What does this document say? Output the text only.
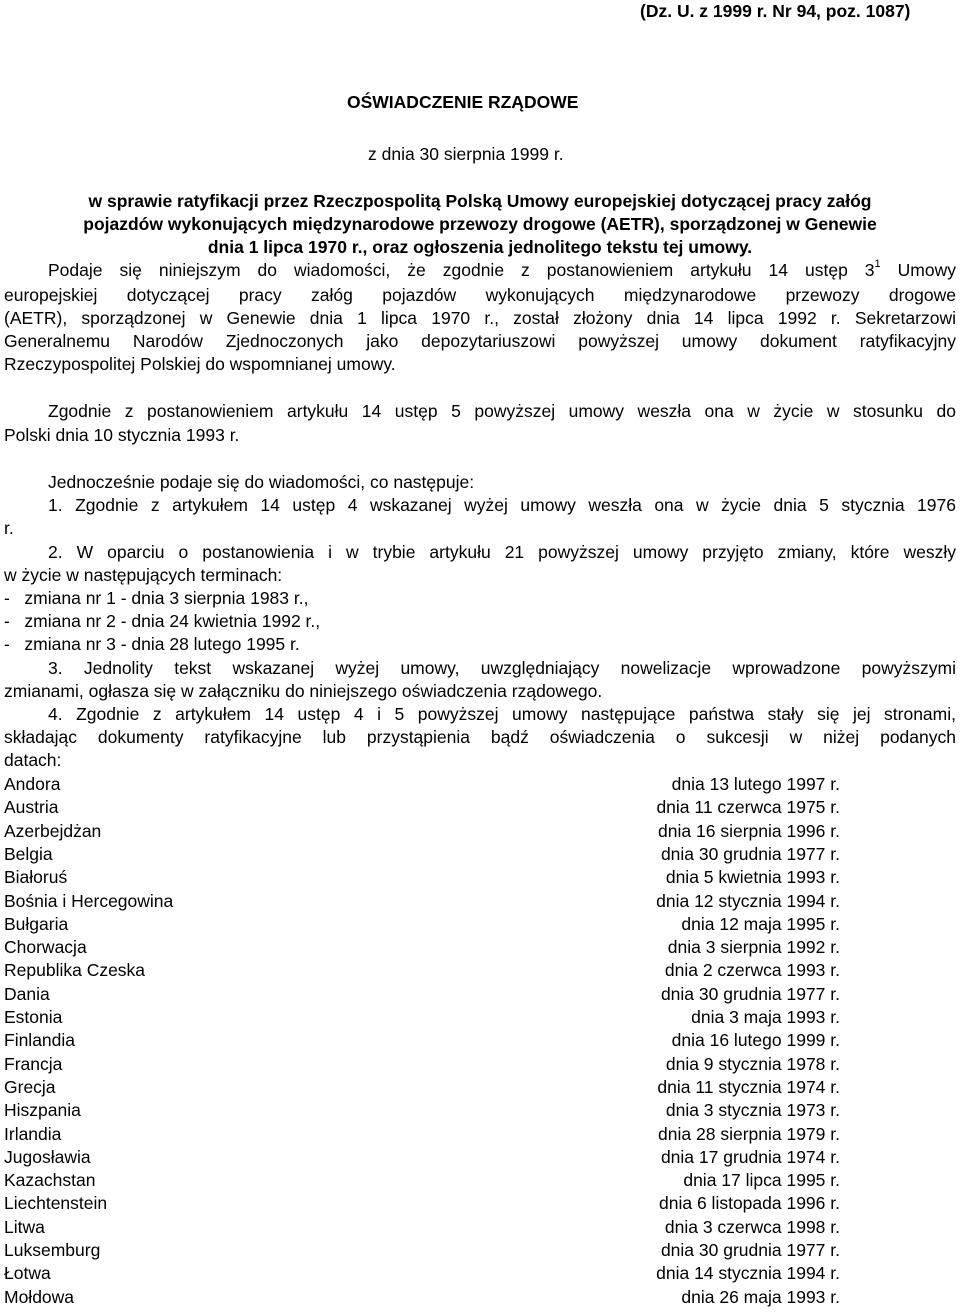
(Dz. U. z 1999 r. Nr 94, poz. 1087)
OŚWIADCZENIE RZĄDOWE
z dnia 30 sierpnia 1999 r.
w sprawie ratyfikacji przez Rzeczpospolitą Polską Umowy europejskiej dotyczącej pracy załóg
pojazdów wykonujących międzynarodowe przewozy drogowe (AETR), sporządzonej w Genewie
dnia 1 lipca 1970 r., oraz ogłoszenia jednolitego tekstu tej umowy.
Podaje się niniejszym do wiadomości, że zgodnie z postanowieniem artykułu 14 ustęp $3^1$ Umowy
europejskiej dotyczącej pracy załóg pojazdów wykonujących międzynarodowe przewozy drogowe
(AETR), sporządzonej w Genewie dnia 1 lipca 1970 r., został złożony dnia 14 lipca 1992 r. Sekretarzowi
Generalnemu Narodów Zjednoczonych jako depozytariuszowi powyższej umowy dokument ratyfikacyjny
Rzeczypospolitej Polskiej do wspomnianej umowy.
Zgodnie z postanowieniem artykułu 14 ustęp 5 powyższej umowy weszła ona w życie w stosunku do
Polski dnia 10 stycznia 1993 r.
Jednocześnie podaje się do wiadomości, co następuje:
1. Zgodnie z artykułem 14 ustęp 4 wskazanej wyżej umowy weszła ona w życie dnia 5 stycznia 1976
r.
2. W oparciu o postanowienia i w trybie artykułu 21 powyższej umowy przyjęto zmiany, które weszły
w życie w następujących terminach:
-   zmiana nr 1 - dnia 3 sierpnia 1983 r.,
-   zmiana nr 2 - dnia 24 kwietnia 1992 r.,
-   zmiana nr 3 - dnia 28 lutego 1995 r.
3. Jednolity tekst wskazanej wyżej umowy, uwzględniający nowelizacje wprowadzone powyższymi
zmianami, ogłasza się w załączniku do niniejszego oświadczenia rządowego.
4. Zgodnie z artykułem 14 ustęp 4 i 5 powyższej umowy następujące państwa stały się jej stronami,
składając dokumenty ratyfikacyjne lub przystąpienia bądź oświadczenia o sukcesji w niżej podanych
datach:
Andora	dnia 13 lutego 1997 r.
Austria	dnia 11 czerwca 1975 r.
Azerbejdżan	dnia 16 sierpnia 1996 r.
Belgia	dnia 30 grudnia 1977 r.
Białoruś	dnia 5 kwietnia 1993 r.
Bośnia i Hercegowina	dnia 12 stycznia 1994 r.
Bułgaria	dnia 12 maja 1995 r.
Chorwacja	dnia 3 sierpnia 1992 r.
Republika Czeska	dnia 2 czerwca 1993 r.
Dania	dnia 30 grudnia 1977 r.
Estonia	dnia 3 maja 1993 r.
Finlandia	dnia 16 lutego 1999 r.
Francja	dnia 9 stycznia 1978 r.
Grecja	dnia 11 stycznia 1974 r.
Hiszpania	dnia 3 stycznia 1973 r.
Irlandia	dnia 28 sierpnia 1979 r.
Jugosławia	dnia 17 grudnia 1974 r.
Kazachstan	dnia 17 lipca 1995 r.
Liechtenstein	dnia 6 listopada 1996 r.
Litwa	dnia 3 czerwca 1998 r.
Luksemburg	dnia 30 grudnia 1977 r.
Łotwa	dnia 14 stycznia 1994 r.
Mołdowa	dnia 26 maja 1993 r.
